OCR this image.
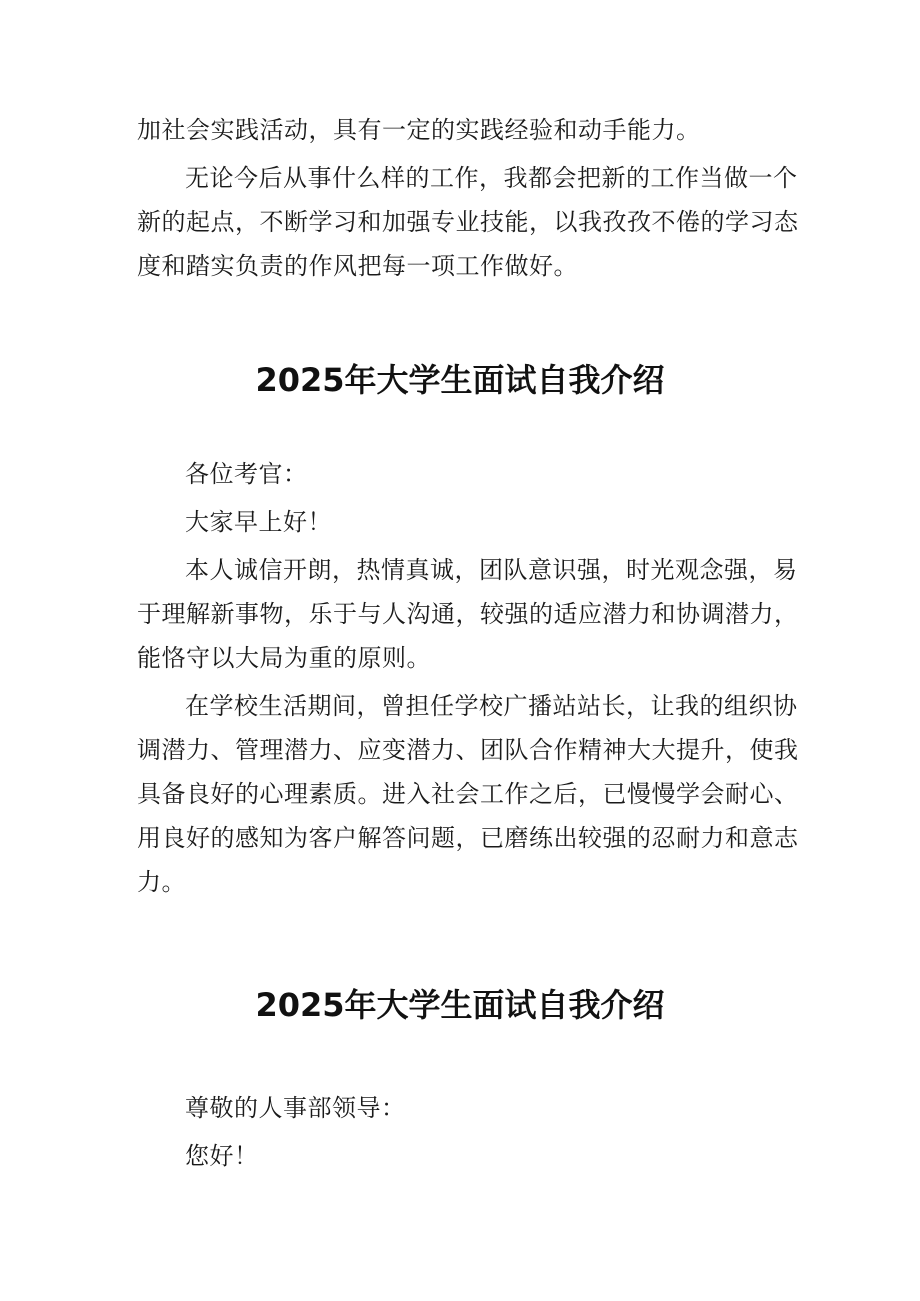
加社会实践活动，具有一定的实践经验和动手能力。

无论今后从事什么样的工作，我都会把新的工作当做一个新的起点，不断学习和加强专业技能，以我孜孜不倦的学习态度和踏实负责的作风把每一项工作做好。

2025年大学生面试自我介绍

各位考官：

大家早上好！

本人诚信开朗，热情真诚，团队意识强，时光观念强，易于理解新事物，乐于与人沟通，较强的适应潜力和协调潜力，能恪守以大局为重的原则。

在学校生活期间，曾担任学校广播站站长，让我的组织协调潜力、管理潜力、应变潜力、团队合作精神大大提升，使我具备良好的心理素质。进入社会工作之后，已慢慢学会耐心、用良好的感知为客户解答问题，已磨练出较强的忍耐力和意志力。

2025年大学生面试自我介绍

尊敬的人事部领导：

您好！
